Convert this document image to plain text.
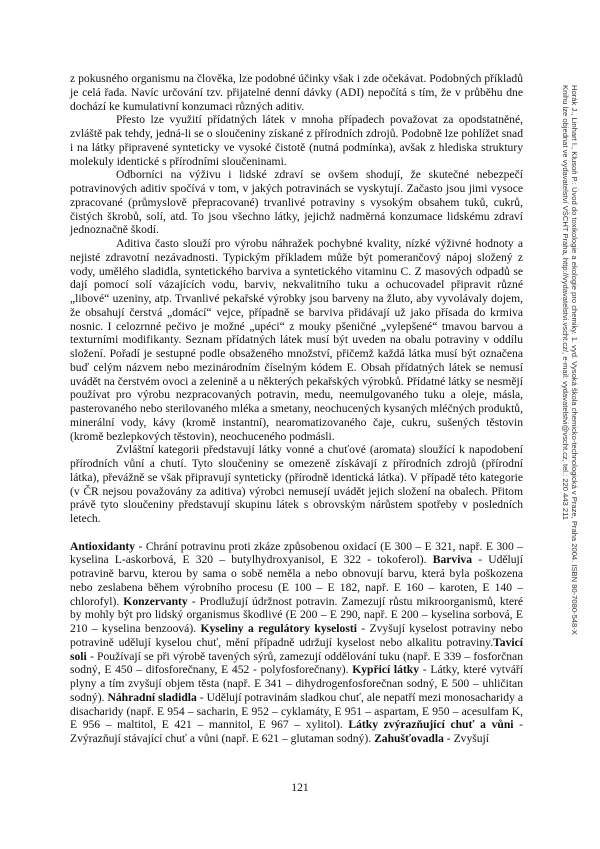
z pokusného organismu na člověka, lze podobné účinky však i zde očekávat. Podobných příkladů je celá řada. Navíc určování tzv. přijatelné denní dávky (ADI) nepočítá s tím, že v průběhu dne dochází ke kumulativní konzumaci různých aditiv.

Přesto lze využití přídatných látek v mnoha případech považovat za opodstatněné, zvláště pak tehdy, jedná-li se o sloučeniny získané z přírodních zdrojů. Podobně lze pohlížet snad i na látky připravené synteticky ve vysoké čistotě (nutná podmínka), avšak z hlediska struktury molekuly identické s přírodními sloučeninami.

Odborníci na výživu i lidské zdraví se ovšem shodují, že skutečné nebezpečí potravinových aditiv spočívá v tom, v jakých potravinách se vyskytují. Začasto jsou jimi vysoce zpracované (průmyslově přepracované) trvanlivé potraviny s vysokým obsahem tuků, cukrů, čistých škrobů, solí, atd. To jsou všechno látky, jejichž nadměrná konzumace lidskému zdraví jednoznačně škodí.

Aditiva často slouží pro výrobu náhražek pochybné kvality, nízké výživné hodnoty a nejisté zdravotní nezávadnosti. Typickým příkladem může být pomerančový nápoj složený z vody, umělého sladidla, syntetického barviva a syntetického vitaminu C. Z masových odpadů se dají pomocí solí vázajících vodu, barviv, nekvalitního tuku a ochucovadel připravit různé „libové“ uzeniny, atp. Trvanlivé pekařské výrobky jsou barveny na žluto, aby vyvolávaly dojem, že obsahují čerstvá „domácí“ vejce, případně se barviva přidávají už jako přísada do krmiva nosnic. I celozrnné pečivo je možné „upéci“ z mouky pšeničné „vylepšené“ tmavou barvou a texturními modifikanty. Seznam přídatných látek musí být uveden na obalu potraviny v oddílu složení. Pořadí je sestupné podle obsaženého množství, přičemž každá látka musí být označena buď celým názvem nebo mezinárodním číselným kódem E. Obsah přídatných látek se nemusí uvádět na čerstvém ovoci a zelenině a u některých pekařských výrobků. Přídatné látky se nesmějí používat pro výrobu nezpracovaných potravin, medu, neemulgovaného tuku a oleje, másla, pasterovaného nebo sterilovaného mléka a smetany, neochucených kysaných mléčných produktů, minerální vody, kávy (kromě instantní), nearomatizovaného čaje, cukru, sušených těstovin (kromě bezlepkových těstovin), neochuceného podmásli.

Zvláštní kategorii představují látky vonné a chuťové (aromata) sloužící k napodobení přírodních vůní a chutí. Tyto sloučeniny se omezeně získávají z přírodních zdrojů (přírodní látka), převážně se však připravují synteticky (přírodně identická látka). V případě této kategorie (v ČR nejsou považovány za aditiva) výrobci nemusejí uvádět jejich složení na obalech. Přitom právě tyto sloučeniny představují skupinu látek s obrovským nárůstem spotřeby v posledních letech.

Antioxidanty - Chrání potravinu proti zkáze způsobenou oxidací (E 300 – E 321, např. E 300 – kyselina L-askorbová, E 320 – butylhydroxyanisol, E 322 - tokoferol). Barviva - Udělují potravině barvu, kterou by sama o sobě neměla a nebo obnovují barvu, která byla poškozena nebo zeslabena během výrobního procesu (E 100 – E 182, např. E 160 – karoten, E 140 – chlorofyl). Konzervanty - Prodlužují údržnost potravin. Zamezují růstu mikroorganismů, které by mohly být pro lidský organismus škodlivé (E 200 – E 290, např. E 200 – kyselina sorbová, E 210 – kyselina benzoová). Kyseliny a regulátory kyselosti - Zvyšují kyselost potraviny nebo potravině udělují kyselou chuť, mění případně udržují kyselost nebo alkalitu potraviny.Tavicí soli - Používají se při výrobě tavených sýrů, zamezují oddělování tuku (např. E 339 – fosforčnan sodný, E 450 – difosforečnany, E 452 - polyfosforečnany). Kypřicí látky - Látky, které vytváří plyny a tím zvyšují objem těsta (např. E 341 – dihydrogenfosforečnan sodný, E 500 – uhličitan sodný). Náhradní sladidla - Udělují potravinám sladkou chuť, ale nepatří mezi monosacharidy a disacharidy (např. E 954 – sacharin, E 952 – cyklamáty, E 951 – aspartam, E 950 – acesulfam K, E 956 – maltitol, E 421 – mannitol, E 967 – xylitol). Látky zvýrazňující chuť a vůni - Zvýrazňují stávající chuť a vůni (např. E 621 – glutaman sodný). Zahušťovadla - Zvyšují

121
Horák J., Linhart I., Klusoň P.: Úvod do toxikologie a ekologie pro chemiky. 1. vyd. Vysoká škola chemicko-technologická v Praze, Praha 2004. ISBN 80-7080-548-X
Knihu lze objednat ve vydavatelství VŠCHT Praha, http://vydavatelstvi.vscht.cz/, e-mail: vydavatelstvi@vscht.cz, tel.: 220 443 211
